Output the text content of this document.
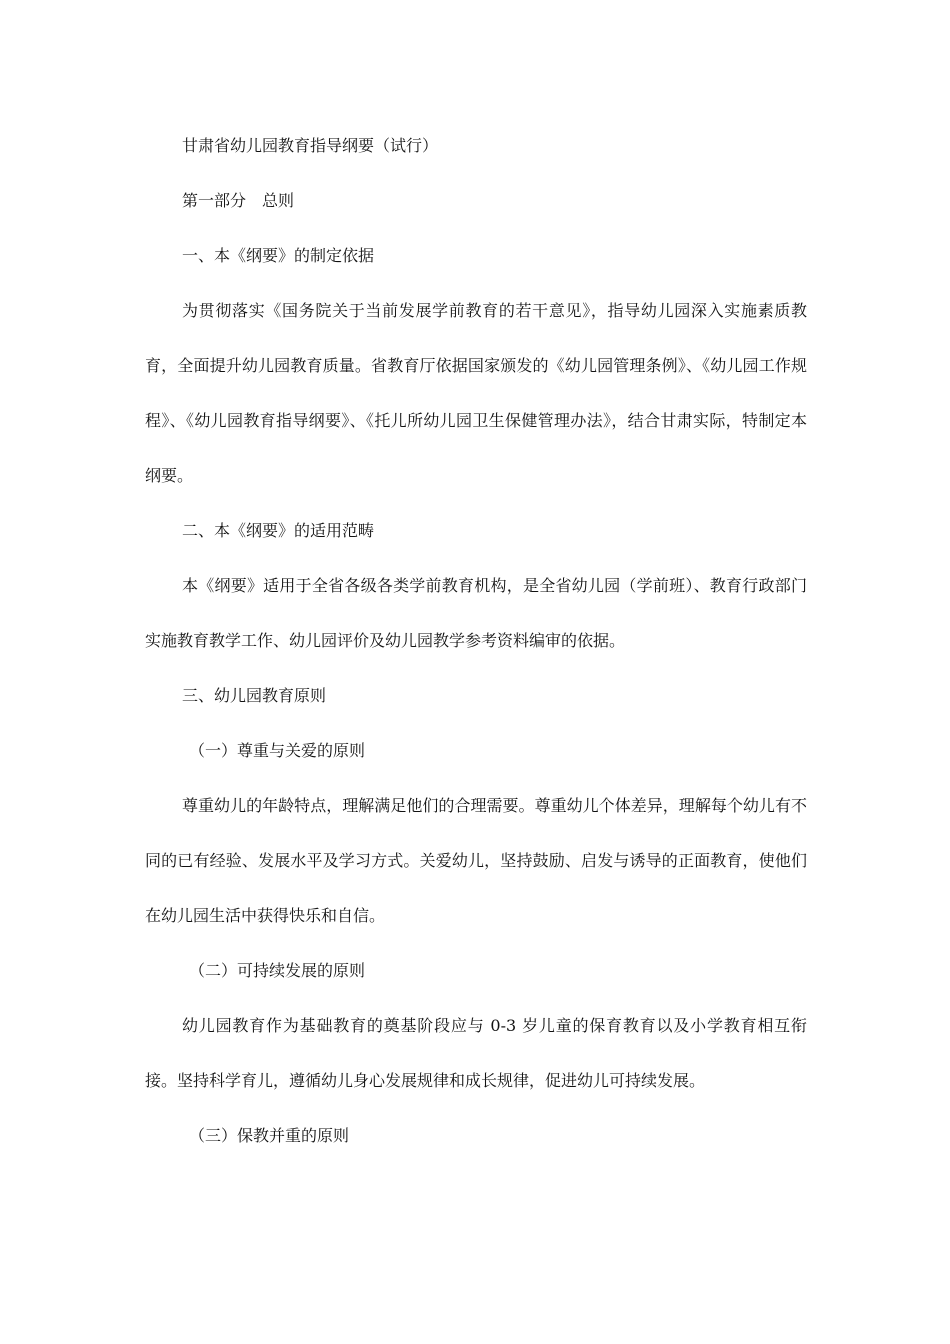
甘肃省幼儿园教育指导纲要（试行）

第一部分　总则

一、本《纲要》的制定依据

为贯彻落实《国务院关于当前发展学前教育的若干意见》，指导幼儿园深入实施素质教育，全面提升幼儿园教育质量。省教育厅依据国家颁发的《幼儿园管理条例》、《幼儿园工作规程》、《幼儿园教育指导纲要》、《托儿所幼儿园卫生保健管理办法》，结合甘肃实际，特制定本纲要。

二、本《纲要》的适用范畴

本《纲要》适用于全省各级各类学前教育机构，是全省幼儿园（学前班）、教育行政部门实施教育教学工作、幼儿园评价及幼儿园教学参考资料编审的依据。

三、幼儿园教育原则

（一）尊重与关爱的原则

尊重幼儿的年龄特点，理解满足他们的合理需要。尊重幼儿个体差异，理解每个幼儿有不同的已有经验、发展水平及学习方式。关爱幼儿，坚持鼓励、启发与诱导的正面教育，使他们在幼儿园生活中获得快乐和自信。

（二）可持续发展的原则

幼儿园教育作为基础教育的奠基阶段应与 0-3 岁儿童的保育教育以及小学教育相互衔接。坚持科学育儿，遵循幼儿身心发展规律和成长规律，促进幼儿可持续发展。

（三）保教并重的原则
